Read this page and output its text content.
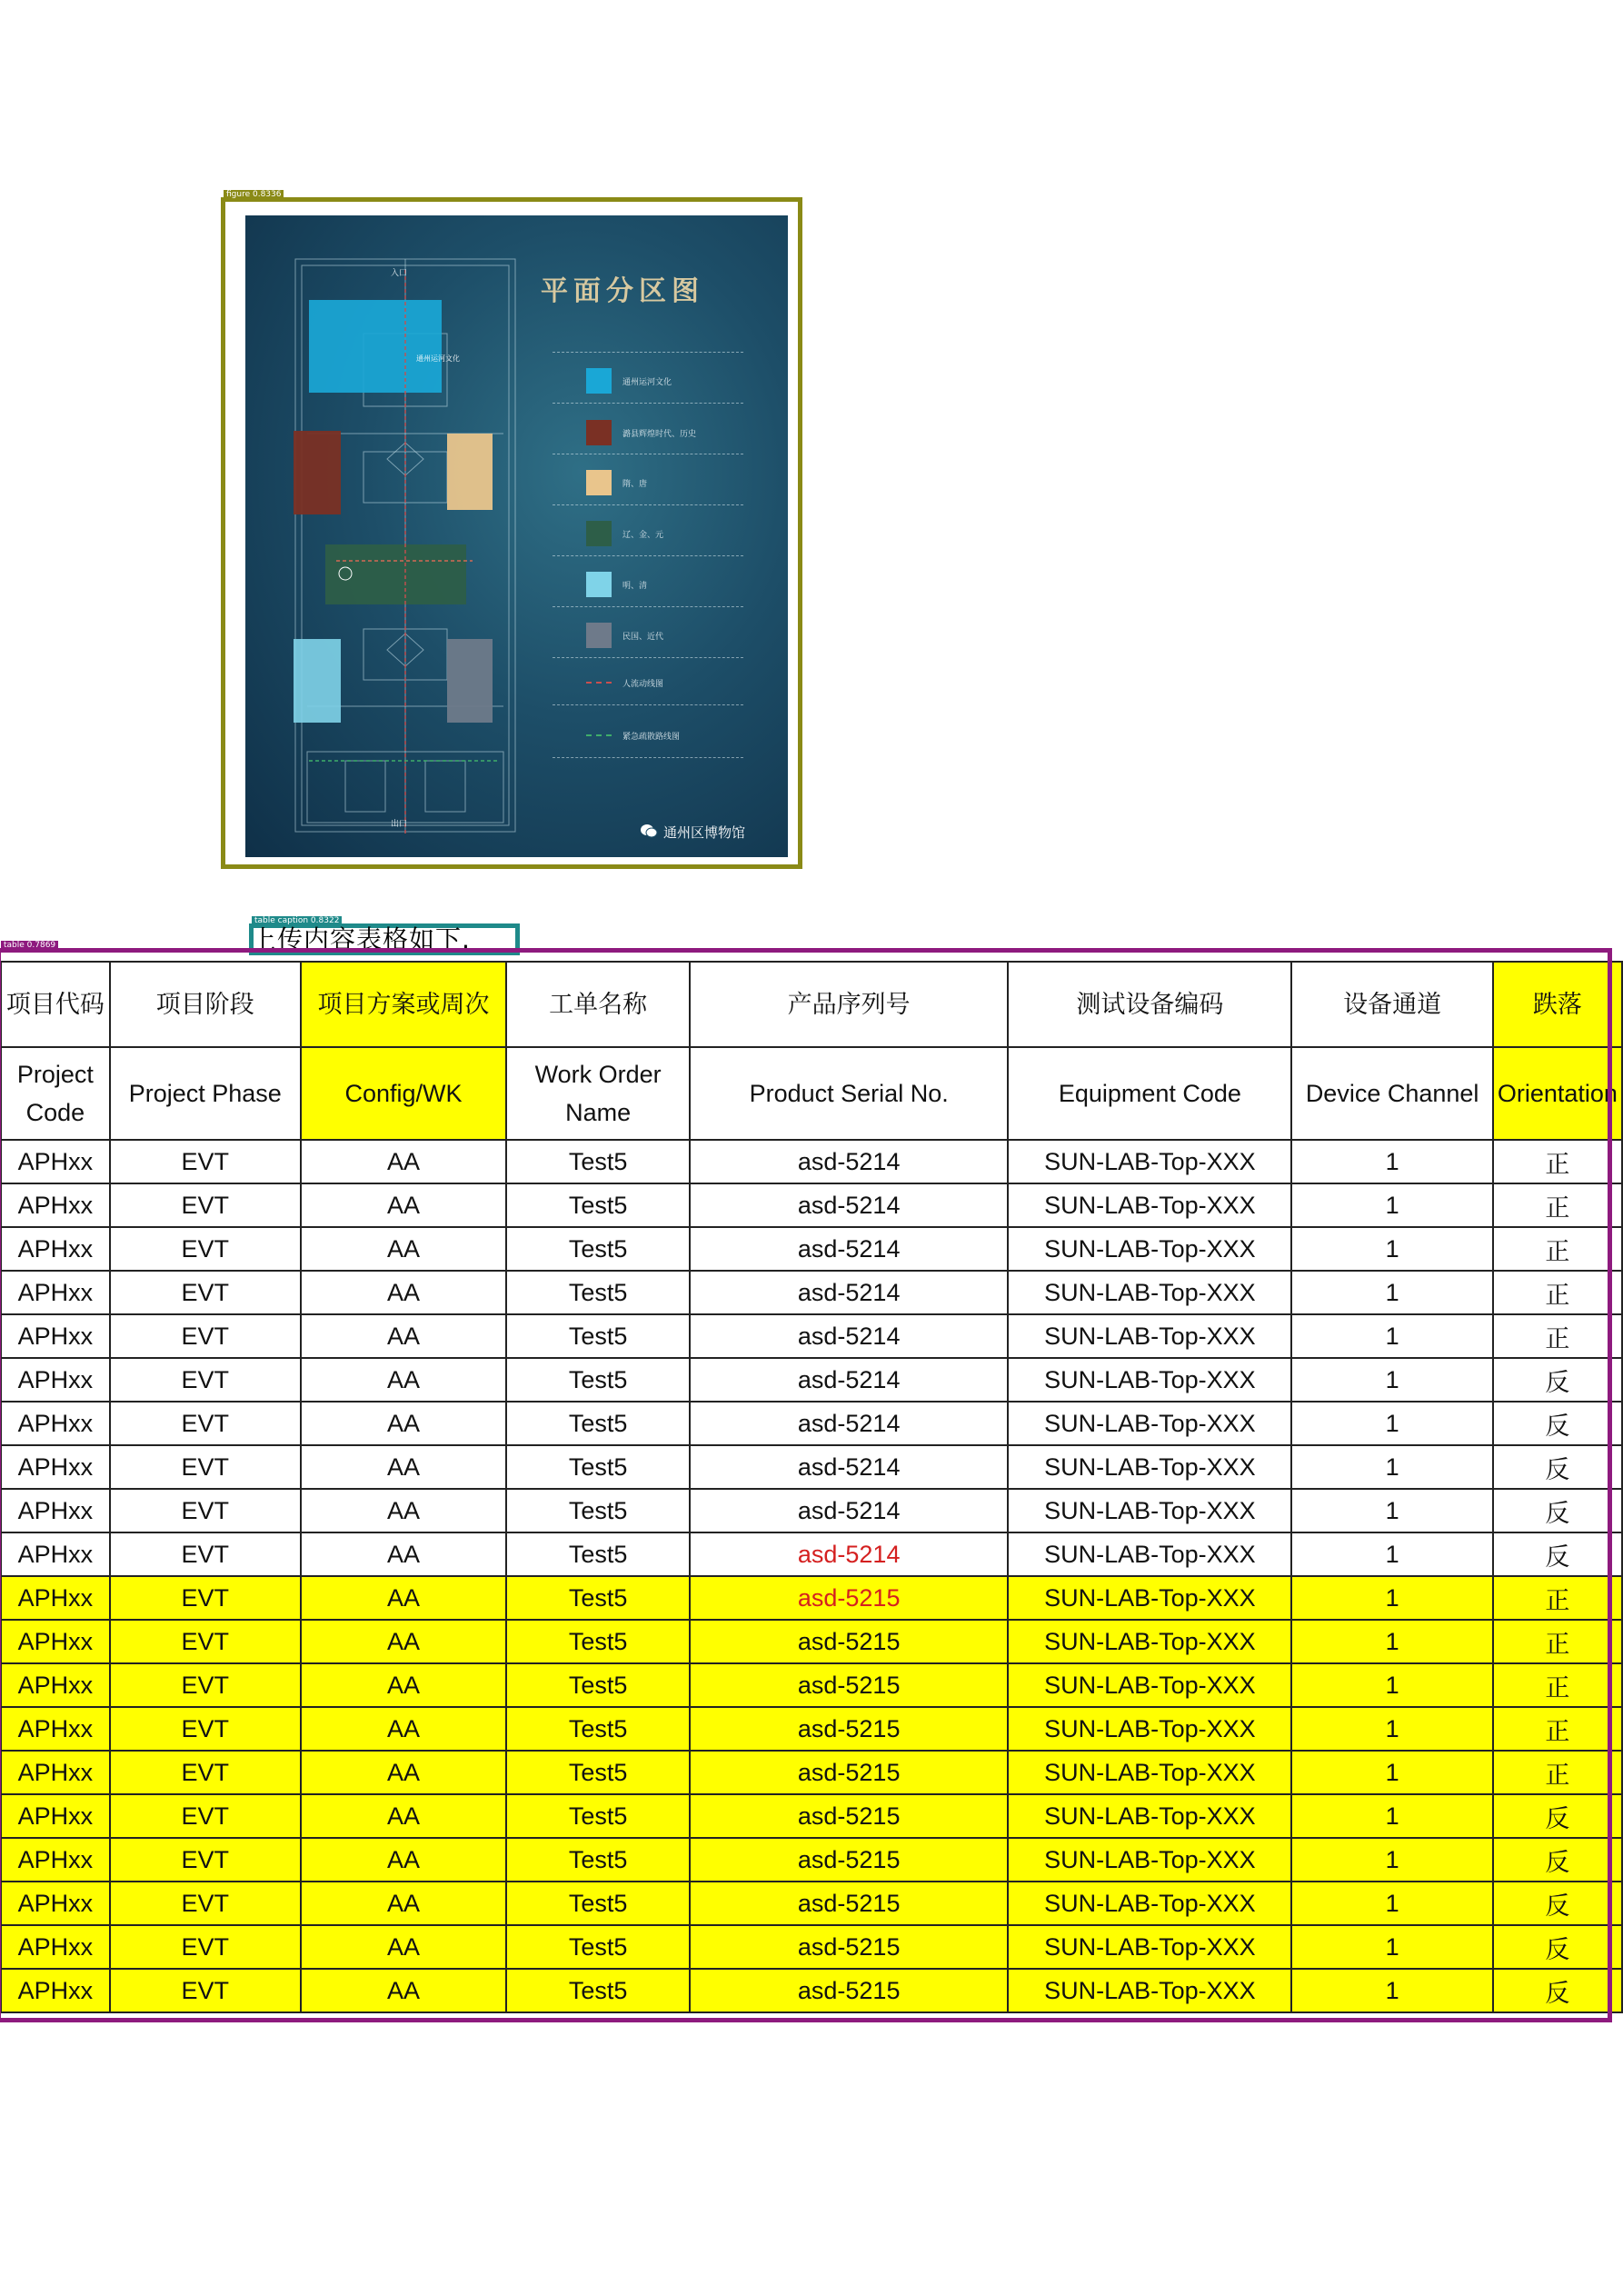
figure 0.8336
入口
出口
通州运河文化
平面分区图
通州运河文化
潞县辉煌时代、历史
隋、唐
辽、金、元
明、清
民国、近代
人流动线图
紧急疏散路线图
通州区博物馆
table caption 0.8322
上传内容表格如下.
项目代码	项目阶段	项目方案或周次	工单名称	产品序列号	测试设备编码	设备通道	跌落
Project Code	Project Phase	Config/WK	Work Order Name	Product Serial No.	Equipment Code	Device Channel	Orientation
APHxx	EVT	AA	Test5	asd-5214	SUN-LAB-Top-XXX	1	正
APHxx	EVT	AA	Test5	asd-5214	SUN-LAB-Top-XXX	1	正
APHxx	EVT	AA	Test5	asd-5214	SUN-LAB-Top-XXX	1	正
APHxx	EVT	AA	Test5	asd-5214	SUN-LAB-Top-XXX	1	正
APHxx	EVT	AA	Test5	asd-5214	SUN-LAB-Top-XXX	1	正
APHxx	EVT	AA	Test5	asd-5214	SUN-LAB-Top-XXX	1	反
APHxx	EVT	AA	Test5	asd-5214	SUN-LAB-Top-XXX	1	反
APHxx	EVT	AA	Test5	asd-5214	SUN-LAB-Top-XXX	1	反
APHxx	EVT	AA	Test5	asd-5214	SUN-LAB-Top-XXX	1	反
APHxx	EVT	AA	Test5	asd-5214	SUN-LAB-Top-XXX	1	反
APHxx	EVT	AA	Test5	asd-5215	SUN-LAB-Top-XXX	1	正
APHxx	EVT	AA	Test5	asd-5215	SUN-LAB-Top-XXX	1	正
APHxx	EVT	AA	Test5	asd-5215	SUN-LAB-Top-XXX	1	正
APHxx	EVT	AA	Test5	asd-5215	SUN-LAB-Top-XXX	1	正
APHxx	EVT	AA	Test5	asd-5215	SUN-LAB-Top-XXX	1	正
APHxx	EVT	AA	Test5	asd-5215	SUN-LAB-Top-XXX	1	反
APHxx	EVT	AA	Test5	asd-5215	SUN-LAB-Top-XXX	1	反
APHxx	EVT	AA	Test5	asd-5215	SUN-LAB-Top-XXX	1	反
APHxx	EVT	AA	Test5	asd-5215	SUN-LAB-Top-XXX	1	反
APHxx	EVT	AA	Test5	asd-5215	SUN-LAB-Top-XXX	1	反
table 0.7869
